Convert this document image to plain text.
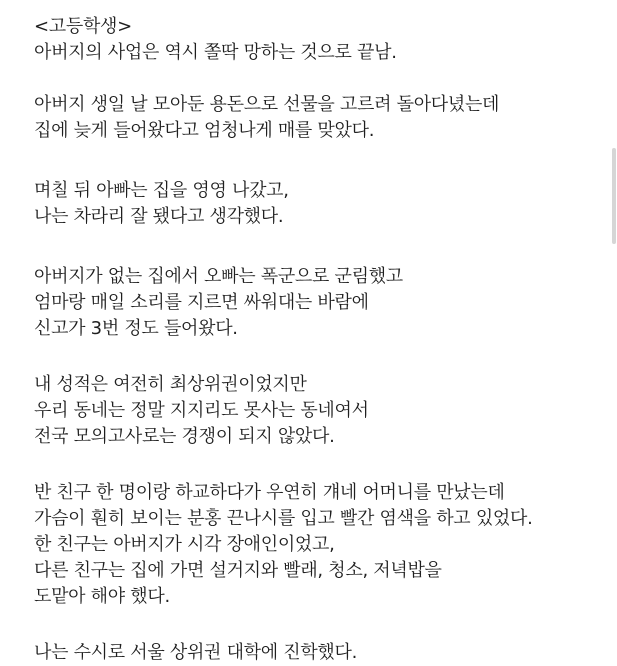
<고등학생>
아버지의 사업은 역시 쫄딱 망하는 것으로 끝남.
아버지 생일 날 모아둔 용돈으로 선물을 고르려 돌아다녔는데
집에 늦게 들어왔다고 엄청나게 매를 맞았다.
며칠 뒤 아빠는 집을 영영 나갔고,
나는 차라리 잘 됐다고 생각했다.
아버지가 없는 집에서 오빠는 폭군으로 군림했고
엄마랑 매일 소리를 지르면 싸워대는 바람에
신고가 3번 정도 들어왔다.
내 성적은 여전히 최상위권이었지만
우리 동네는 정말 지지리도 못사는 동네여서
전국 모의고사로는 경쟁이 되지 않았다.
반 친구 한 명이랑 하교하다가 우연히 걔네 어머니를 만났는데
가슴이 훤히 보이는 분홍 끈나시를 입고 빨간 염색을 하고 있었다.
한 친구는 아버지가 시각 장애인이었고,
다른 친구는 집에 가면 설거지와 빨래, 청소, 저녁밥을
도맡아 해야 했다.
나는 수시로 서울 상위권 대학에 진학했다.
